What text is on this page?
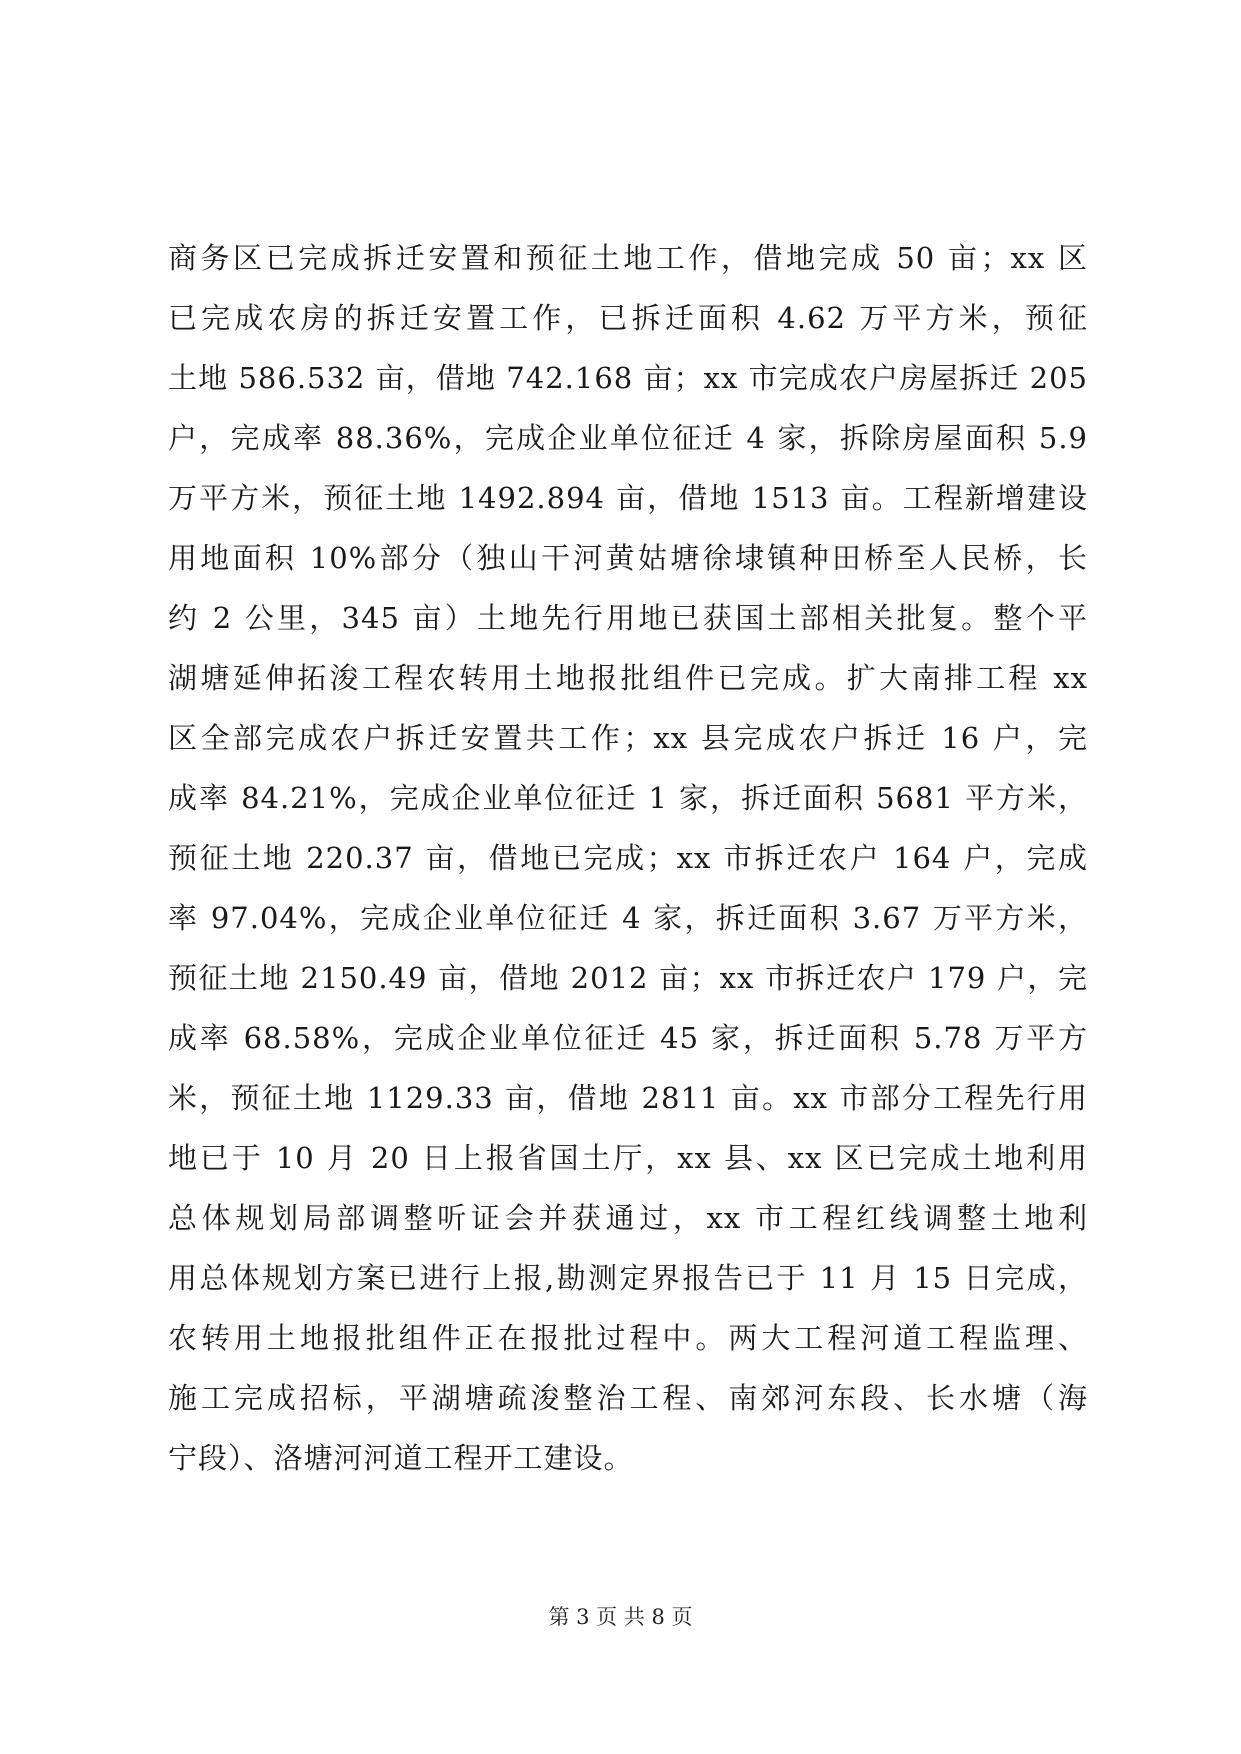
商务区已完成拆迁安置和预征土地工作，借地完成 50 亩；xx 区
已完成农房的拆迁安置工作，已拆迁面积 4.62 万平方米，预征
土地 586.532 亩，借地 742.168 亩；xx 市完成农户房屋拆迁 205
户，完成率 88.36%，完成企业单位征迁 4 家，拆除房屋面积 5.9
万平方米，预征土地 1492.894 亩，借地 1513 亩。工程新增建设
用地面积 10%部分（独山干河黄姑塘徐埭镇种田桥至人民桥，长
约 2 公里，345 亩）土地先行用地已获国土部相关批复。整个平
湖塘延伸拓浚工程农转用土地报批组件已完成。扩大南排工程 xx
区全部完成农户拆迁安置共工作；xx 县完成农户拆迁 16 户，完
成率 84.21%，完成企业单位征迁 1 家，拆迁面积 5681 平方米，
预征土地 220.37 亩，借地已完成；xx 市拆迁农户 164 户，完成
率 97.04%，完成企业单位征迁 4 家，拆迁面积 3.67 万平方米，
预征土地 2150.49 亩，借地 2012 亩；xx 市拆迁农户 179 户，完
成率 68.58%，完成企业单位征迁 45 家，拆迁面积 5.78 万平方
米，预征土地 1129.33 亩，借地 2811 亩。xx 市部分工程先行用
地已于 10 月 20 日上报省国土厅，xx 县、xx 区已完成土地利用
总体规划局部调整听证会并获通过，xx 市工程红线调整土地利
用总体规划方案已进行上报,勘测定界报告已于 11 月 15 日完成，
农转用土地报批组件正在报批过程中。两大工程河道工程监理、
施工完成招标，平湖塘疏浚整治工程、南郊河东段、长水塘（海
宁段）、洛塘河河道工程开工建设。
第 3 页 共 8 页
